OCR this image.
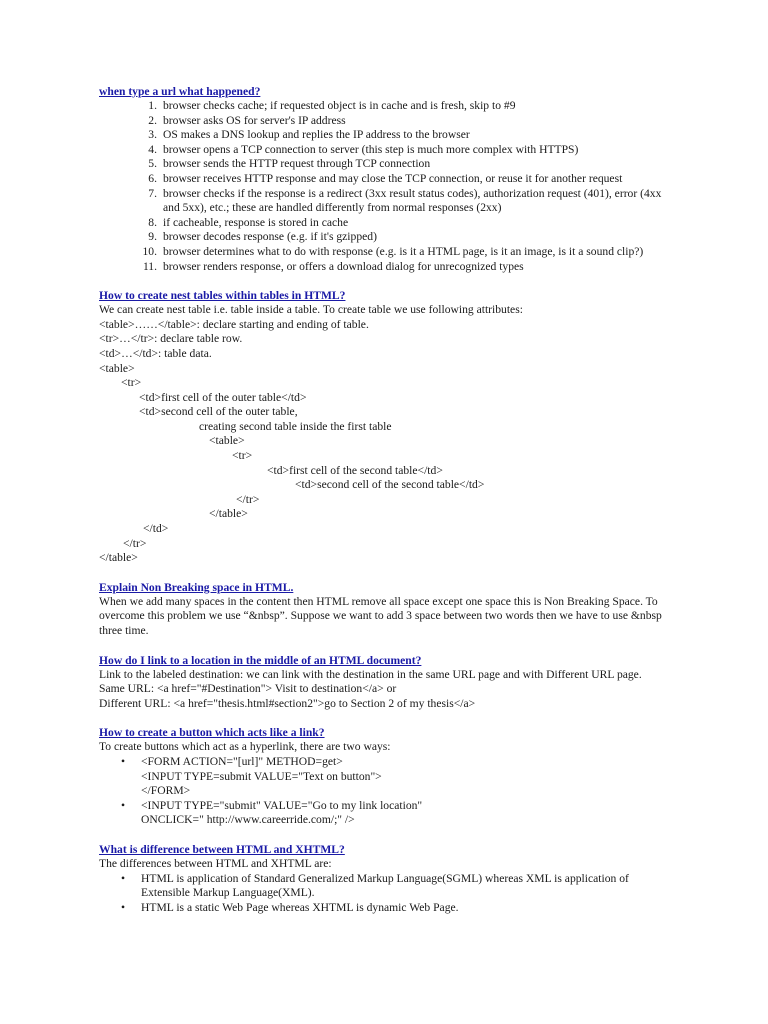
when type a url what happened?
1. browser checks cache; if requested object is in cache and is fresh, skip to #9
2. browser asks OS for server's IP address
3. OS makes a DNS lookup and replies the IP address to the browser
4. browser opens a TCP connection to server (this step is much more complex with HTTPS)
5. browser sends the HTTP request through TCP connection
6. browser receives HTTP response and may close the TCP connection, or reuse it for another request
7. browser checks if the response is a redirect (3xx result status codes), authorization request (401), error (4xx and 5xx), etc.; these are handled differently from normal responses (2xx)
8. if cacheable, response is stored in cache
9. browser decodes response (e.g. if it's gzipped)
10. browser determines what to do with response (e.g. is it a HTML page, is it an image, is it a sound clip?)
11. browser renders response, or offers a download dialog for unrecognized types
How to create nest tables within tables in HTML?
We can create nest table i.e. table inside a table. To create table we use following attributes:
<table>……</table>: declare starting and ending of table.
<tr>…</tr>: declare table row.
<td>…</td>: table data.
<table>
<tr>
<td>first cell of the outer table</td>
<td>second cell of the outer table,
creating second table inside the first table
<table>
<tr>
<td>first cell of the second table</td>
<td>second cell of the second table</td>
</tr>
</table>
</td>
</tr>
</table>
Explain Non Breaking space in HTML.
When we add many spaces in the content then HTML remove all space except one space this is Non Breaking Space. To overcome this problem we use “&nbsp”. Suppose we want to add 3 space between two words then we have to use &nbsp three time.
How do I link to a location in the middle of an HTML document?
Link to the labeled destination: we can link with the destination in the same URL page and with Different URL page.
Same URL: <a href="#Destination"> Visit to destination</a> or
Different URL: <a href="thesis.html#section2">go to Section 2 of my thesis</a>
How to create a button which acts like a link?
To create buttons which act as a hyperlink, there are two ways:
• <FORM ACTION="[url]" METHOD=get>
<INPUT TYPE=submit VALUE="Text on button">
</FORM>
• <INPUT TYPE="submit" VALUE="Go to my link location"
ONCLICK=" http://www.careerride.com/;" />
What is difference between HTML and XHTML?
The differences between HTML and XHTML are:
• HTML is application of Standard Generalized Markup Language(SGML) whereas XML is application of Extensible Markup Language(XML).
• HTML is a static Web Page whereas XHTML is dynamic Web Page.
